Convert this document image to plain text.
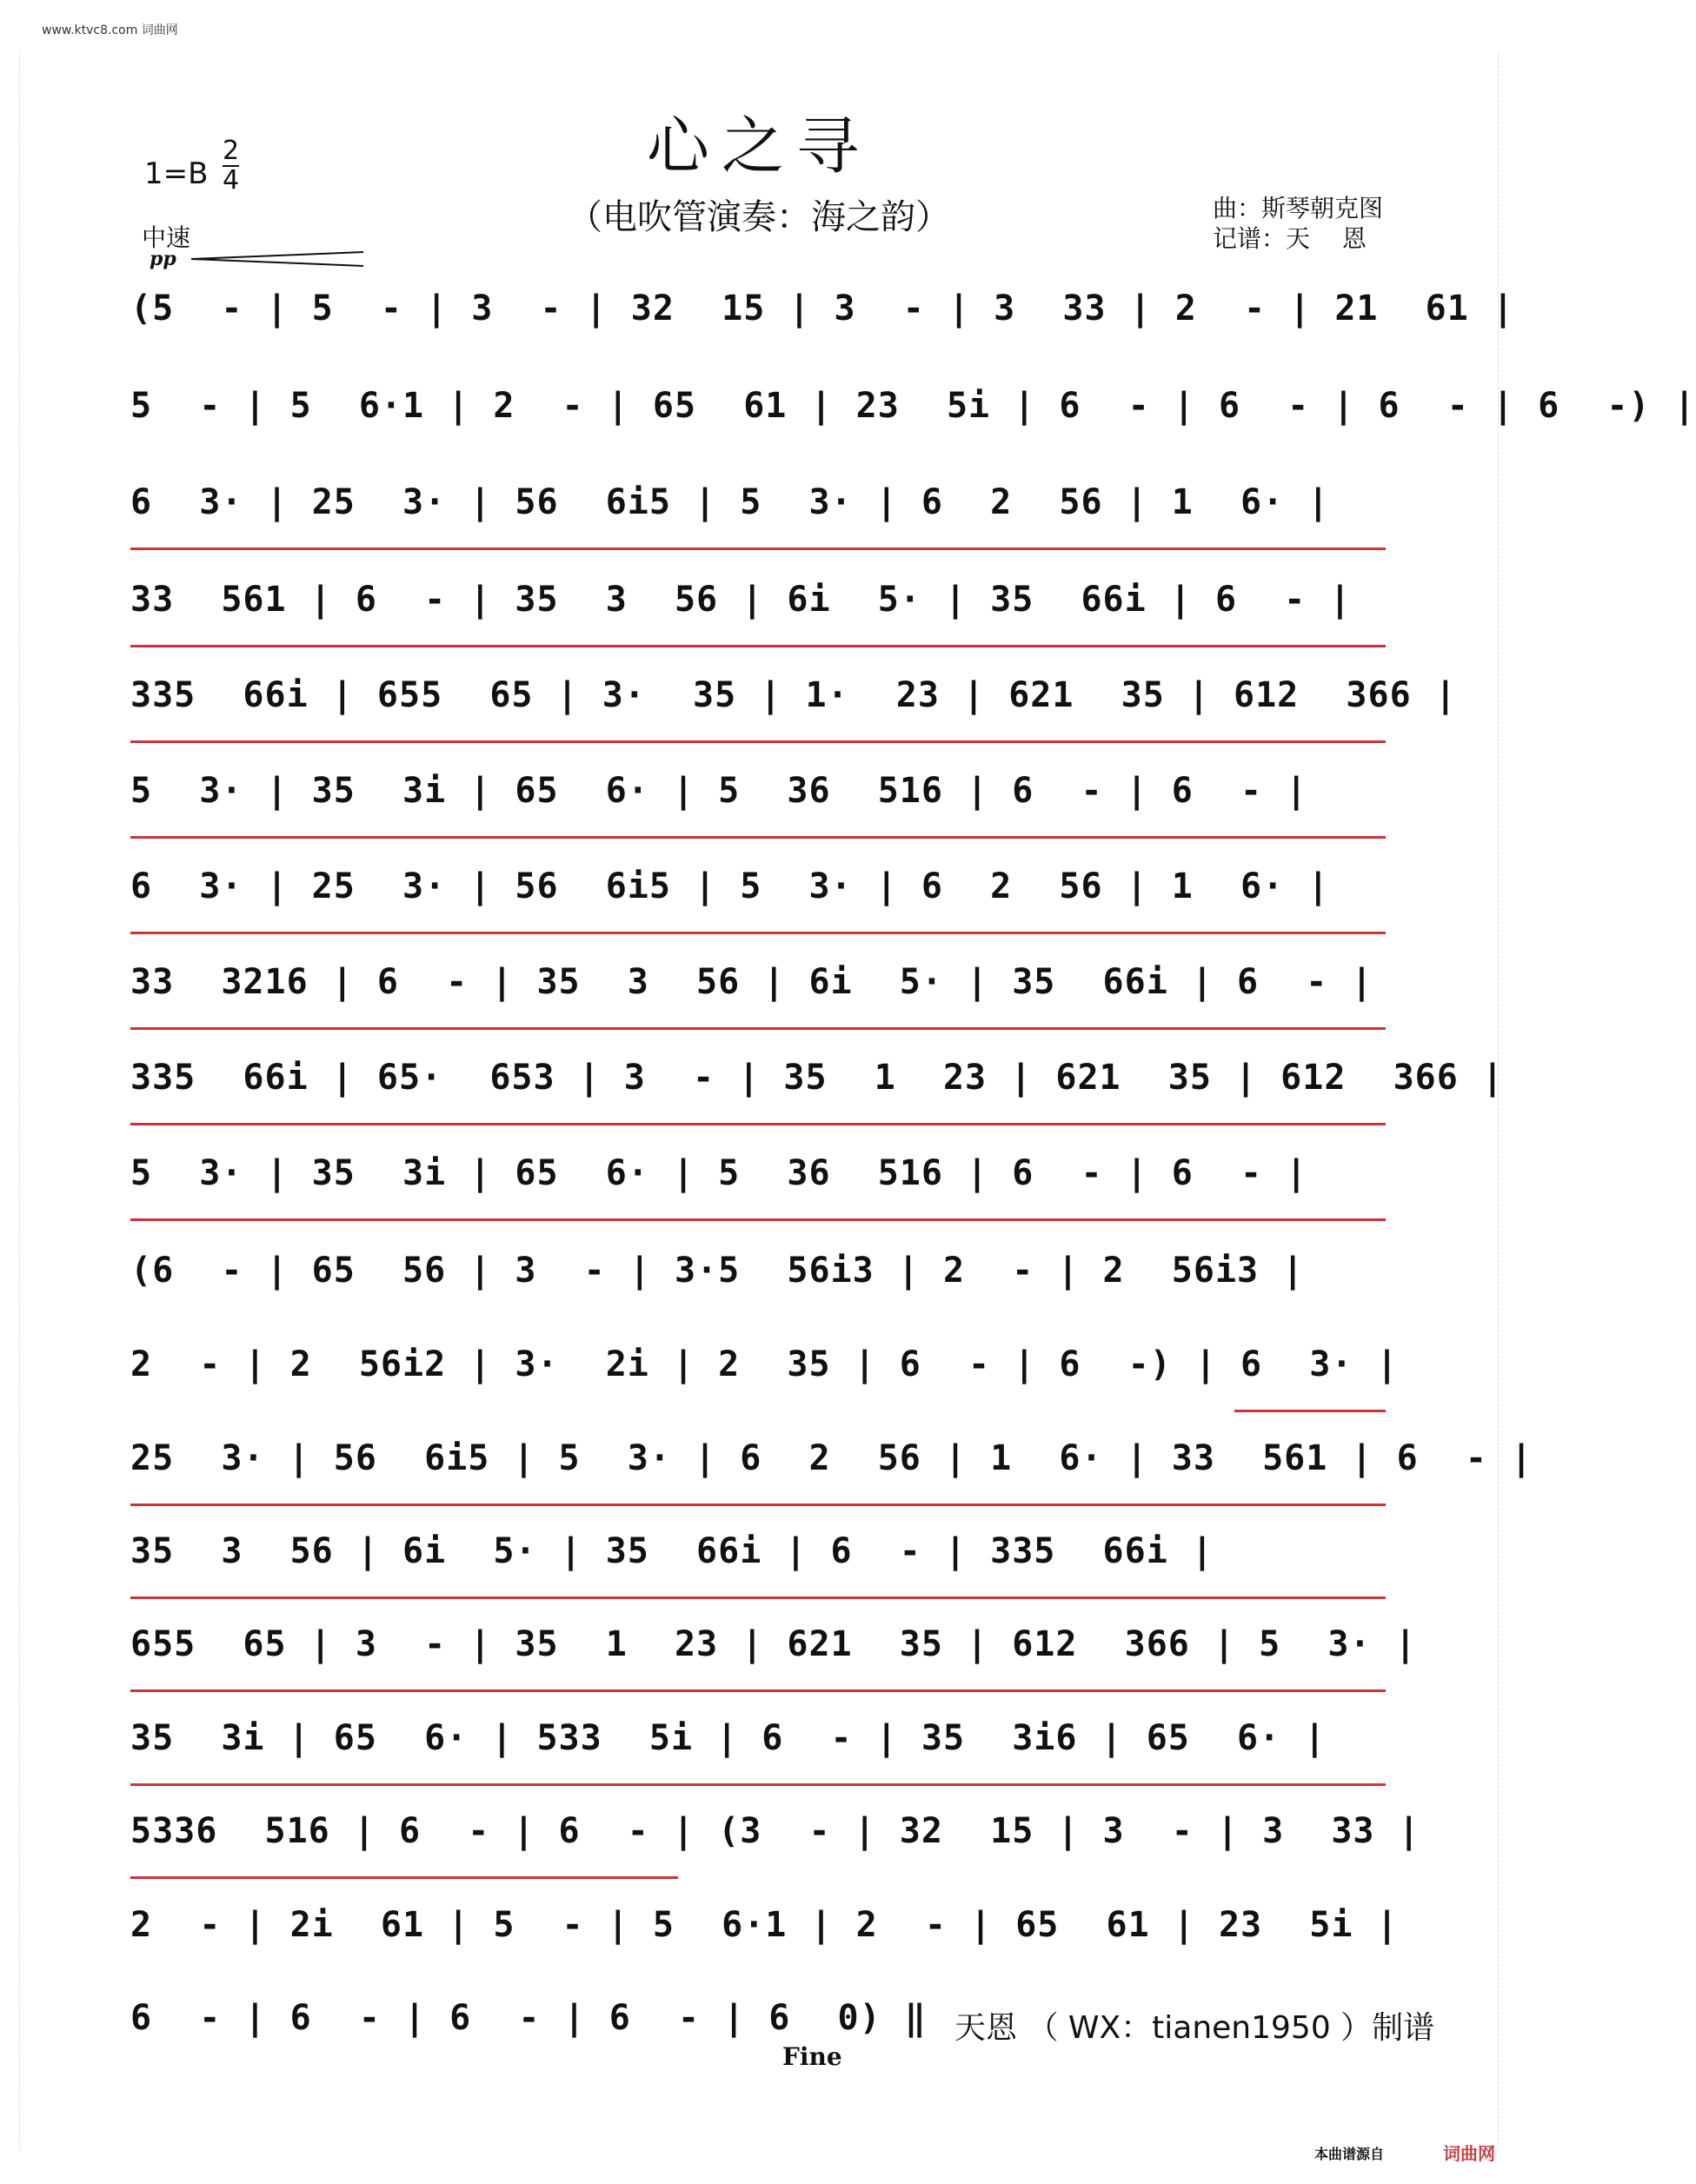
www.ktvc8.com 词曲网
心之寻
（电吹管演奏：海之韵）
$1=B \frac{2}{4}$
中速
pp
曲：斯琴朝克图
记谱：天　 恩
(5  - | 5  - | 3  - | 32  15 | 3  - | 3  33 | 2  - | 21  61 |
5  - | 5  6·1 | 2  - | 65  61 | 23  5i | 6  - | 6  - | 6  - | 6  -) |
6  3· | 25  3· | 56  6i5 | 5  3· | 6  2  56 | 1  6· |
33  561 | 6  - | 35  3  56 | 6i  5· | 35  66i | 6  - |
335  66i | 655  65 | 3·  35 | 1·  23 | 621  35 | 612  366 |
5  3· | 35  3i | 65  6· | 5  36  516 | 6  - | 6  - |
6  3· | 25  3· | 56  6i5 | 5  3· | 6  2  56 | 1  6· |
33  3216 | 6  - | 35  3  56 | 6i  5· | 35  66i | 6  - |
335  66i | 65·  653 | 3  - | 35  1  23 | 621  35 | 612  366 |
5  3· | 35  3i | 65  6· | 5  36  516 | 6  - | 6  - |
(6  - | 65  56 | 3  - | 3·5  56i3 | 2  - | 2  56i3 |
2  - | 2  56i2 | 3·  2i | 2  35 | 6  - | 6  -) | 6  3· |
25  3· | 56  6i5 | 5  3· | 6  2  56 | 1  6· | 33  561 | 6  - |
35  3  56 | 6i  5· | 35  66i | 6  - | 335  66i |
655  65 | 3  - | 35  1  23 | 621  35 | 612  366 | 5  3· |
35  3i | 65  6· | 533  5i | 6  - | 35  3i6 | 65  6· |
5336  516 | 6  - | 6  - | (3  - | 32  15 | 3  - | 3  33 |
2  - | 2i  61 | 5  - | 5  6·1 | 2  - | 65  61 | 23  5i |
6  - | 6  - | 6  - | 6  - | 6  0) ‖
Fine
天恩 （ WX：tianen1950 ）制谱
本曲谱源自	词曲网
